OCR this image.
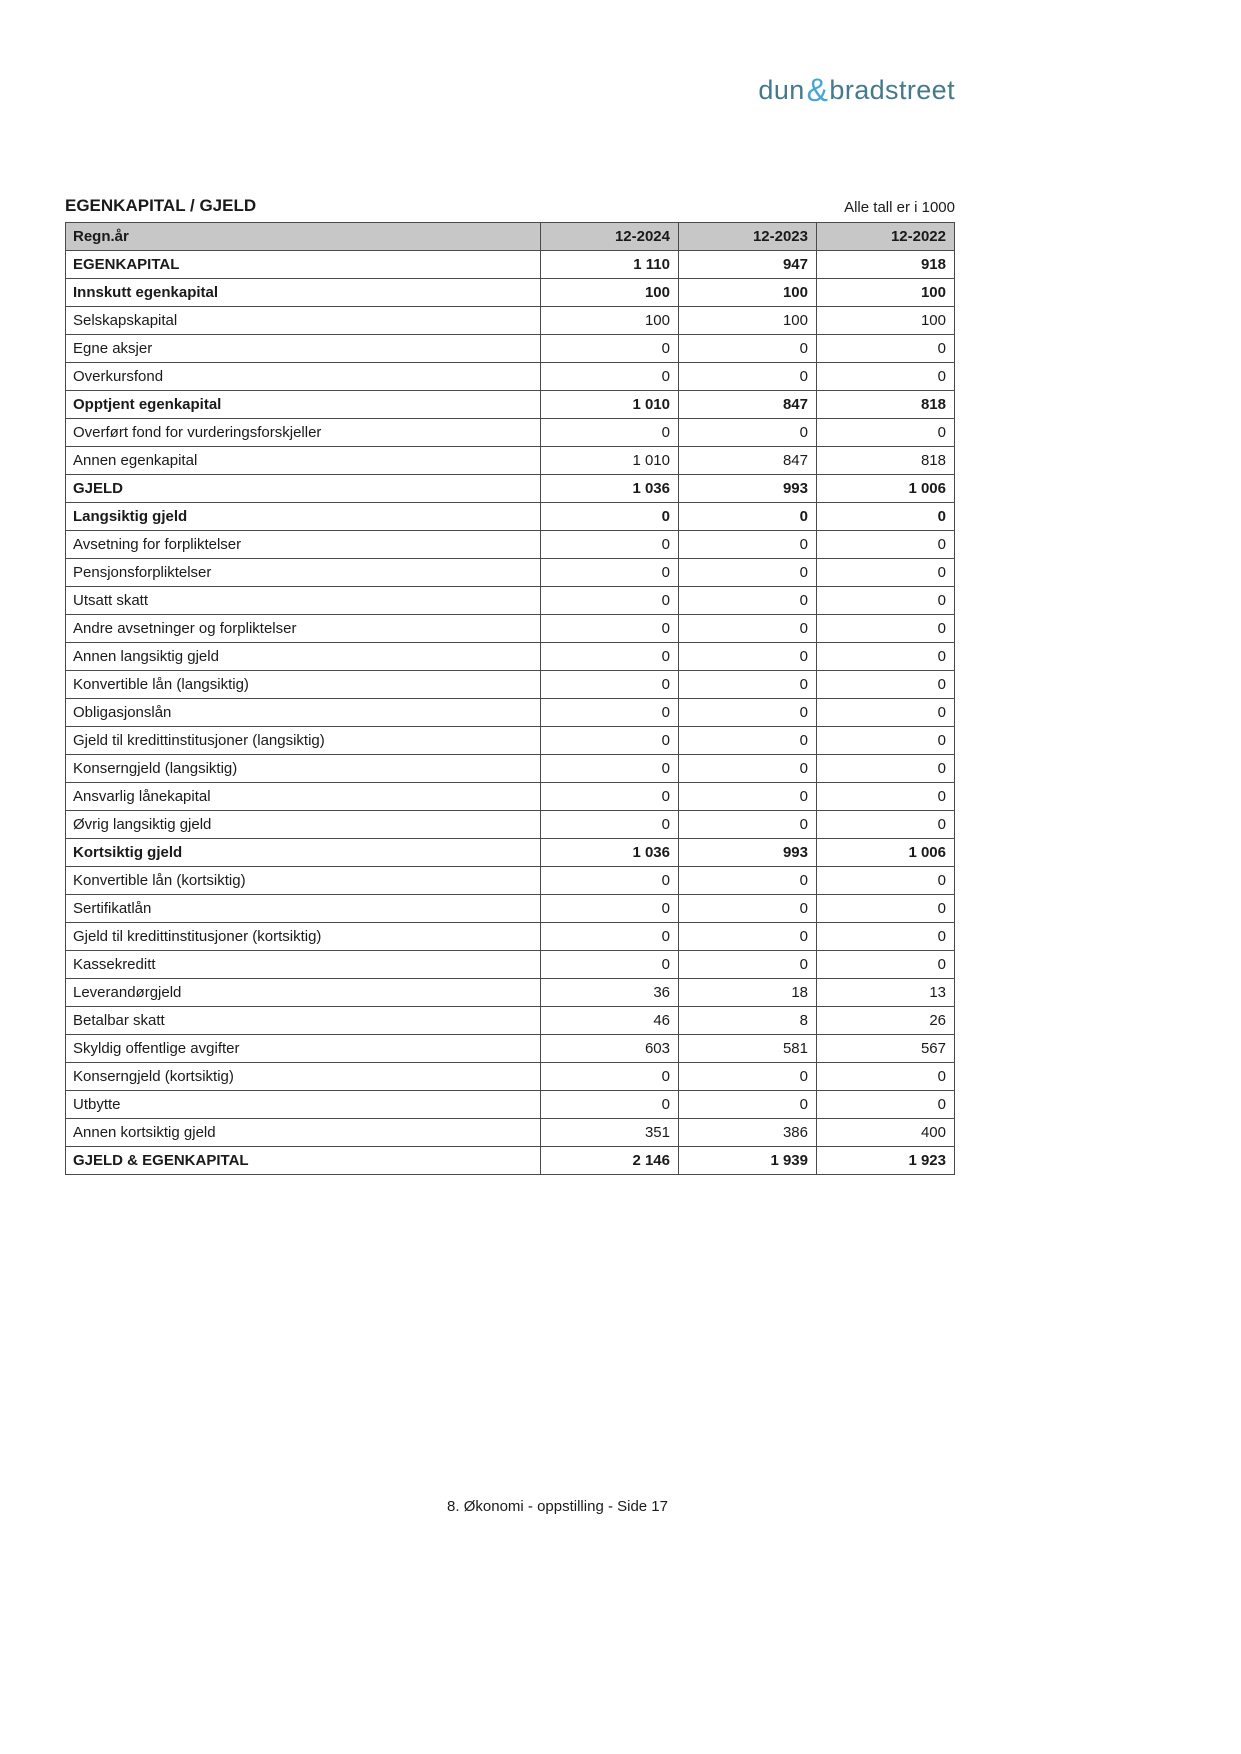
dun&bradstreet
EGENKAPITAL / GJELD	Alle tall er i 1000
Regn.år	12-2024	12-2023	12-2022
EGENKAPITAL	1 110	947	918
Innskutt egenkapital	100	100	100
Selskapskapital	100	100	100
Egne aksjer	0	0	0
Overkursfond	0	0	0
Opptjent egenkapital	1 010	847	818
Overført fond for vurderingsforskjeller	0	0	0
Annen egenkapital	1 010	847	818
GJELD	1 036	993	1 006
Langsiktig gjeld	0	0	0
Avsetning for forpliktelser	0	0	0
Pensjonsforpliktelser	0	0	0
Utsatt skatt	0	0	0
Andre avsetninger og forpliktelser	0	0	0
Annen langsiktig gjeld	0	0	0
Konvertible lån (langsiktig)	0	0	0
Obligasjonslån	0	0	0
Gjeld til kredittinstitusjoner (langsiktig)	0	0	0
Konserngjeld (langsiktig)	0	0	0
Ansvarlig lånekapital	0	0	0
Øvrig langsiktig gjeld	0	0	0
Kortsiktig gjeld	1 036	993	1 006
Konvertible lån (kortsiktig)	0	0	0
Sertifikatlån	0	0	0
Gjeld til kredittinstitusjoner (kortsiktig)	0	0	0
Kassekreditt	0	0	0
Leverandørgjeld	36	18	13
Betalbar skatt	46	8	26
Skyldig offentlige avgifter	603	581	567
Konserngjeld (kortsiktig)	0	0	0
Utbytte	0	0	0
Annen kortsiktig gjeld	351	386	400
GJELD & EGENKAPITAL	2 146	1 939	1 923
8. Økonomi - oppstilling - Side 17
